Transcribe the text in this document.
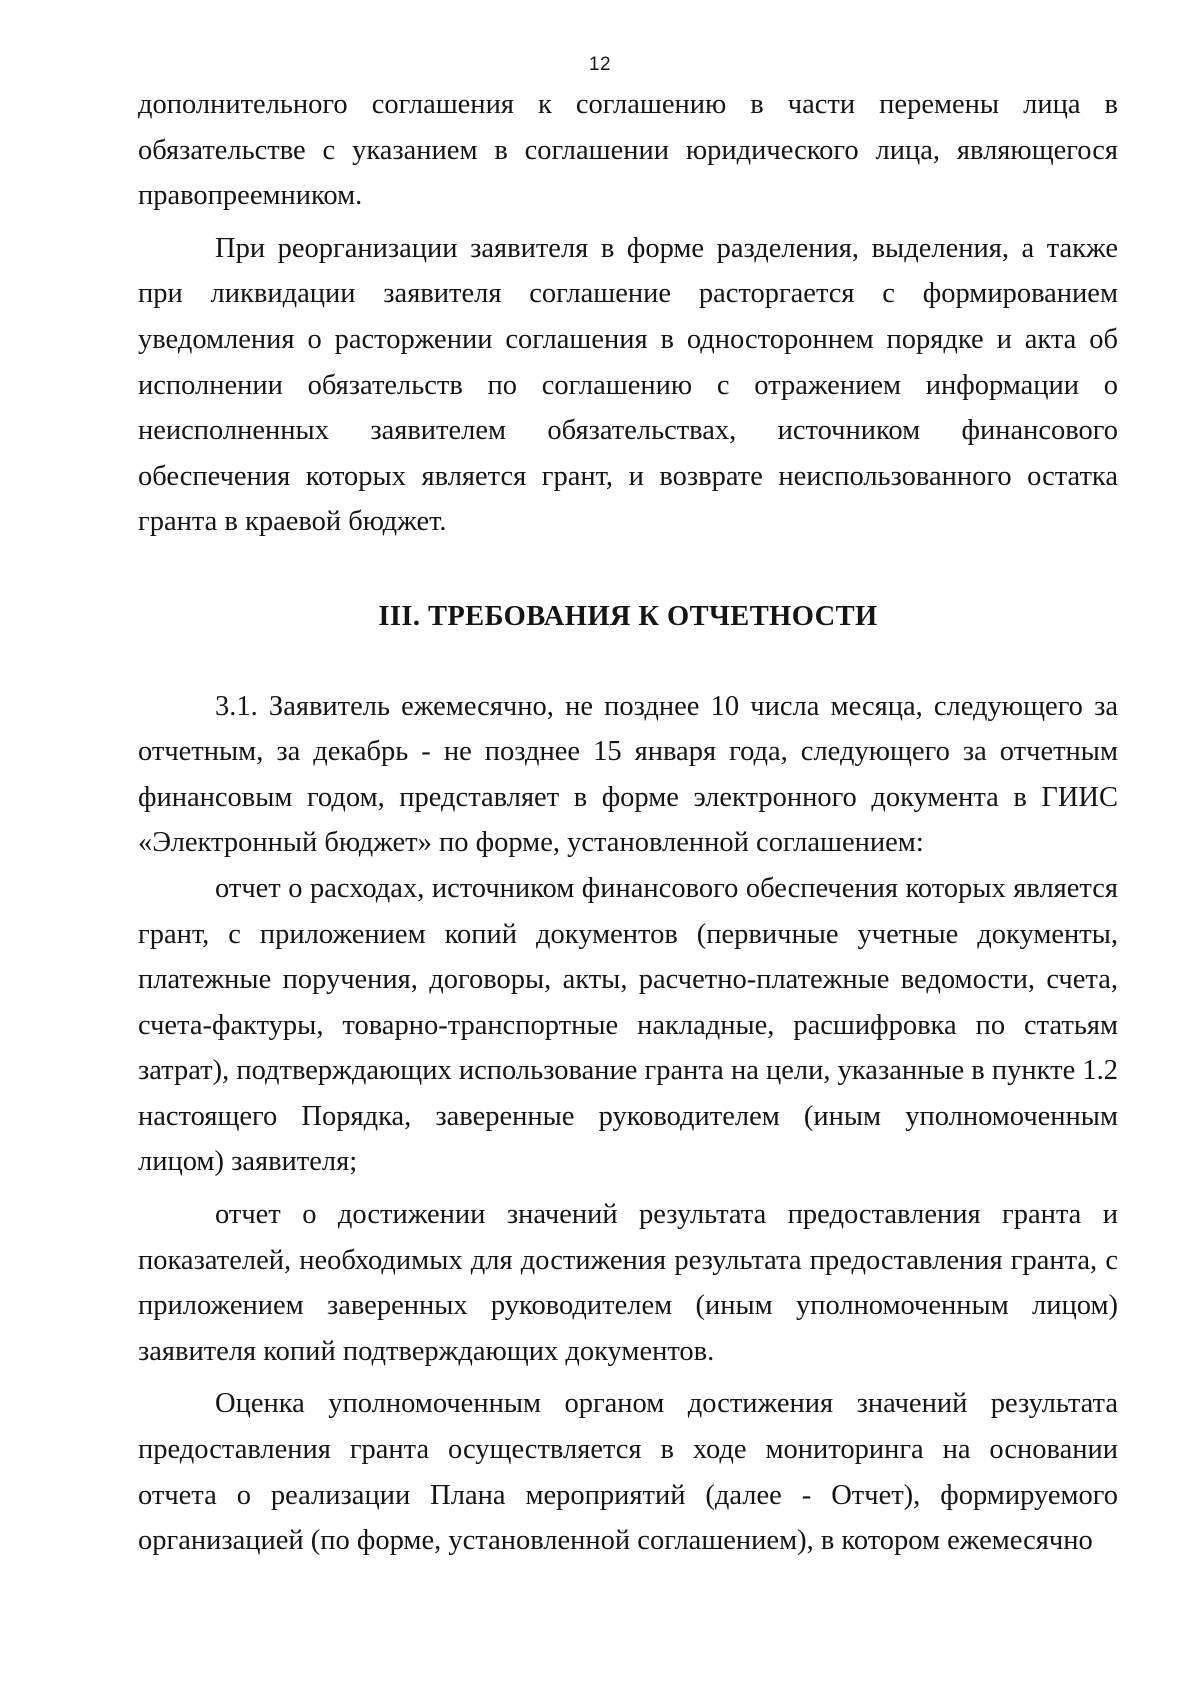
12

дополнительного соглашения к соглашению в части перемены лица в обязательстве с указанием в соглашении юридического лица, являющегося правопреемником.

При реорганизации заявителя в форме разделения, выделения, а также при ликвидации заявителя соглашение расторгается с формированием уведомления о расторжении соглашения в одностороннем порядке и акта об исполнении обязательств по соглашению с отражением информации о неисполненных заявителем обязательствах, источником финансового обеспечения которых является грант, и возврате неиспользованного остатка гранта в краевой бюджет.

III. ТРЕБОВАНИЯ К ОТЧЕТНОСТИ

3.1. Заявитель ежемесячно, не позднее 10 числа месяца, следующего за отчетным, за декабрь - не позднее 15 января года, следующего за отчетным финансовым годом, представляет в форме электронного документа в ГИИС «Электронный бюджет» по форме, установленной соглашением:

отчет о расходах, источником финансового обеспечения которых является грант, с приложением копий документов (первичные учетные документы, платежные поручения, договоры, акты, расчетно-платежные ведомости, счета, счета-фактуры, товарно-транспортные накладные, расшифровка по статьям затрат), подтверждающих использование гранта на цели, указанные в пункте 1.2 настоящего Порядка, заверенные руководителем (иным уполномоченным лицом) заявителя;

отчет о достижении значений результата предоставления гранта и показателей, необходимых для достижения результата предоставления гранта, с приложением заверенных руководителем (иным уполномоченным лицом) заявителя копий подтверждающих документов.

Оценка уполномоченным органом достижения значений результата предоставления гранта осуществляется в ходе мониторинга на основании отчета о реализации Плана мероприятий (далее - Отчет), формируемого организацией (по форме, установленной соглашением), в котором ежемесячно
